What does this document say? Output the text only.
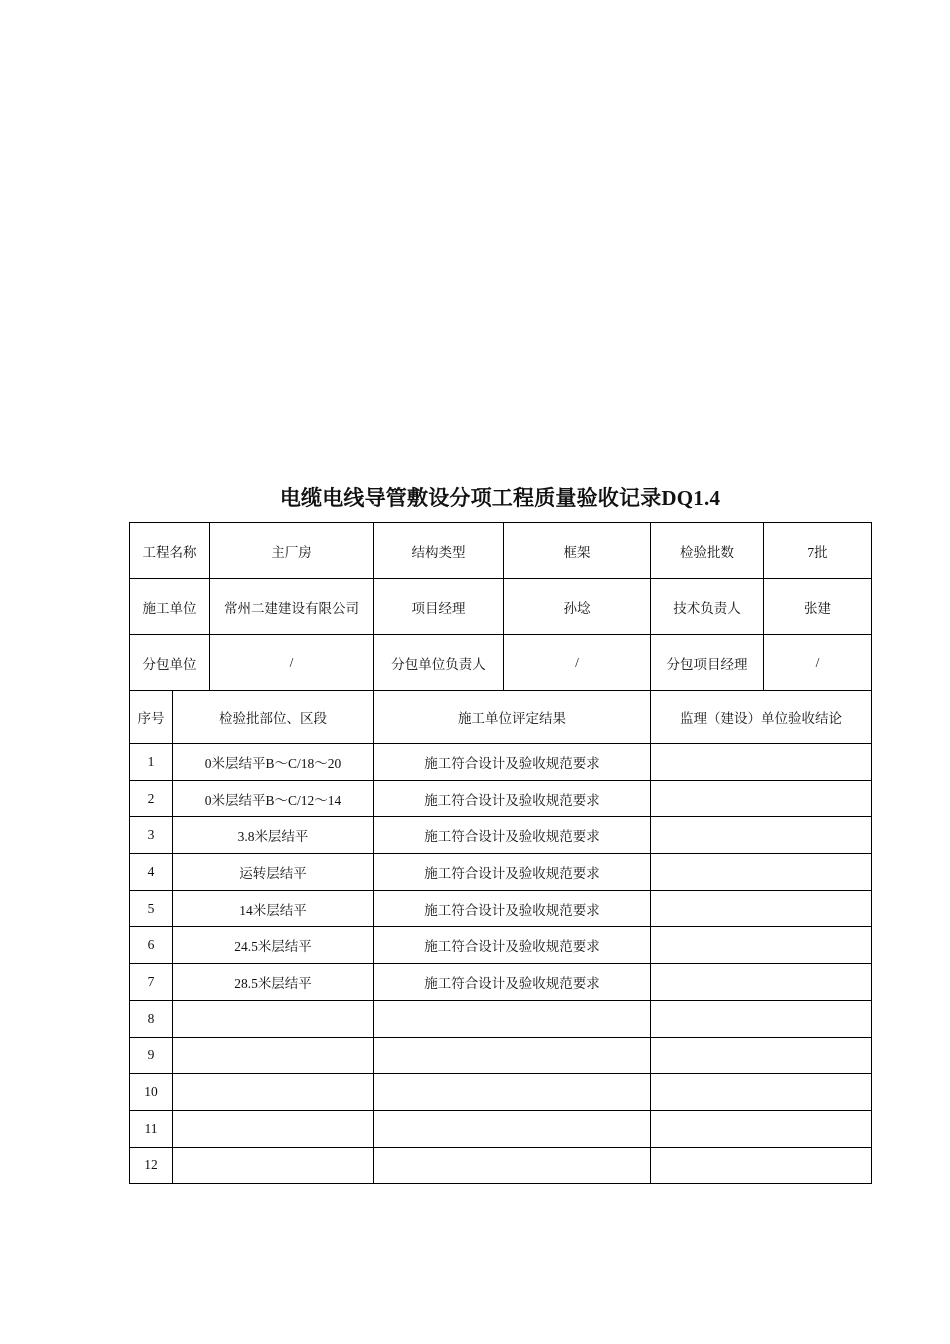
电缆电线导管敷设分项工程质量验收记录DQ1.4
工程名称		主厂房	结构类型	框架	检验批数	7批
施工单位		常州二建建设有限公司	项目经理	孙埝	技术负责人	张建
分包单位		/	分包单位负责人	/	分包项目经理	/
序号	检验批部位、区段		施工单位评定结果		监理（建设）单位验收结论	
1	0米层结平B～C/18～20		施工符合设计及验收规范要求			
2	0米层结平B～C/12～14		施工符合设计及验收规范要求			
3	3.8米层结平		施工符合设计及验收规范要求			
4	运转层结平		施工符合设计及验收规范要求			
5	14米层结平		施工符合设计及验收规范要求			
6	24.5米层结平		施工符合设计及验收规范要求			
7	28.5米层结平		施工符合设计及验收规范要求			
8						
9						
10						
11						
12						
